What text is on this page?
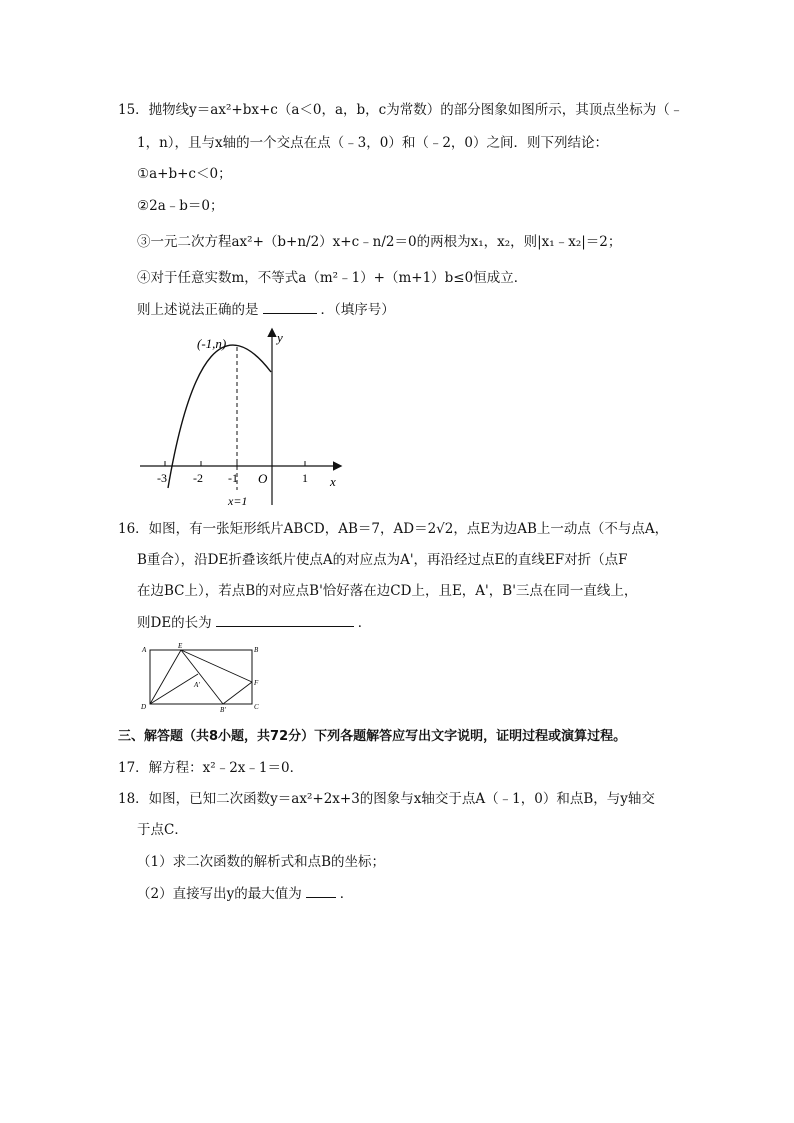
15．抛物线y＝ax²+bx+c（a＜0，a，b，c为常数）的部分图象如图所示，其顶点坐标为（﹣
1，n），且与x轴的一个交点在点（﹣3，0）和（﹣2，0）之间．则下列结论：
①a+b+c＜0；
②2a﹣b＝0；
③一元二次方程ax²+（b+n/2）x+c﹣n/2＝0的两根为x₁，x₂，则|x₁﹣x₂|＝2；
④对于任意实数m，不等式a（m²﹣1）+（m+1）b≤0恒成立．
则上述说法正确的是	．（填序号）
(-1,n)	y
x
O
-3 -2 -1	1
x=1
16．如图，有一张矩形纸片ABCD，AB＝7，AD＝2√2，点E为边AB上一动点（不与点A，
B重合），沿DE折叠该纸片使点A的对应点为A'，再沿经过点E的直线EF对折（点F
在边BC上），若点B的对应点B'恰好落在边CD上，且E，A'，B'三点在同一直线上，
则DE的长为	．
A	E	B
A'	F
D	B'	C
三、解答题（共8小题，共72分）下列各题解答应写出文字说明，证明过程或演算过程。
17．解方程：x²﹣2x﹣1＝0．
18．如图，已知二次函数y＝ax²+2x+3的图象与x轴交于点A（﹣1，0）和点B，与y轴交
于点C．
（1）求二次函数的解析式和点B的坐标；
（2）直接写出y的最大值为	．
